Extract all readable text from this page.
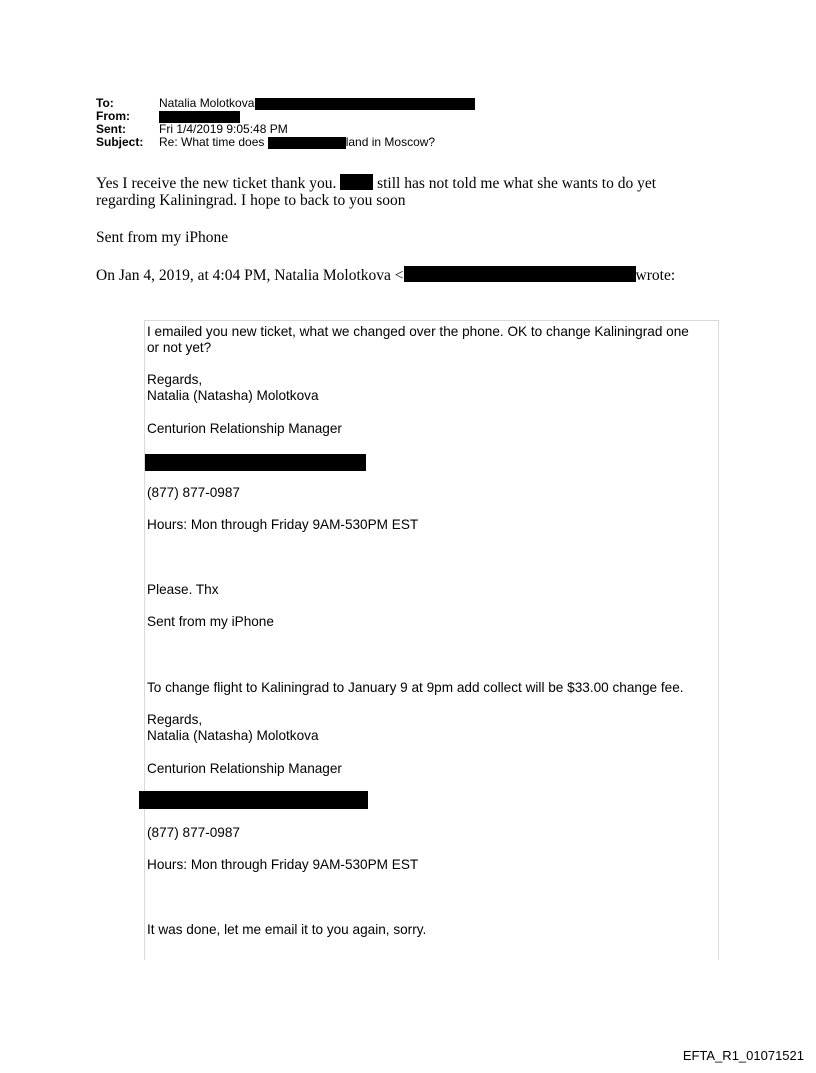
To:	Natalia Molotkova
From:
Sent:	Fri 1/4/2019 9:05:48 PM
Subject: Re: What time does	land in Moscow?
Yes I receive the new ticket thank you.	still has not told me what she wants to do yet
regarding Kaliningrad. I hope to back to you soon
Sent from my iPhone
On Jan 4, 2019, at 4:04 PM, Natalia Molotkova <	wrote:
I emailed you new ticket, what we changed over the phone. OK to change Kaliningrad one
or not yet?
Regards,
Natalia (Natasha) Molotkova
Centurion Relationship Manager
(877) 877-0987
Hours: Mon through Friday 9AM-530PM EST
Please. Thx
Sent from my iPhone
To change flight to Kaliningrad to January 9 at 9pm add collect will be $33.00 change fee.
Regards,
Natalia (Natasha) Molotkova
Centurion Relationship Manager
(877) 877-0987
Hours: Mon through Friday 9AM-530PM EST
It was done, let me email it to you again, sorry.
EFTA_R1_01071521
